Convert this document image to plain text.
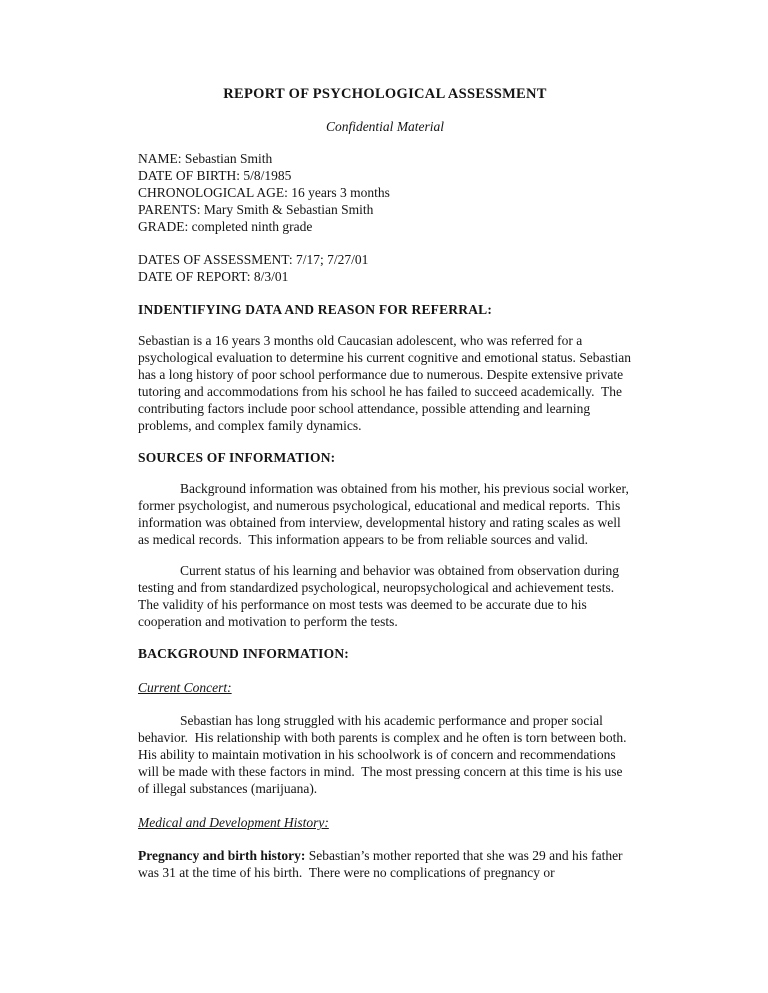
REPORT OF PSYCHOLOGICAL ASSESSMENT
Confidential Material
NAME: Sebastian Smith
DATE OF BIRTH: 5/8/1985
CHRONOLOGICAL AGE: 16 years 3 months
PARENTS: Mary Smith & Sebastian Smith
GRADE: completed ninth grade
DATES OF ASSESSMENT: 7/17; 7/27/01
DATE OF REPORT: 8/3/01
INDENTIFYING DATA AND REASON FOR REFERRAL:

Sebastian is a 16 years 3 months old Caucasian adolescent, who was referred for a psychological evaluation to determine his current cognitive and emotional status. Sebastian has a long history of poor school performance due to numerous. Despite extensive private tutoring and accommodations from his school he has failed to succeed academically.  The contributing factors include poor school attendance, possible attending and learning problems, and complex family dynamics.

SOURCES OF INFORMATION:

Background information was obtained from his mother, his previous social worker, former psychologist, and numerous psychological, educational and medical reports.  This information was obtained from interview, developmental history and rating scales as well as medical records.  This information appears to be from reliable sources and valid.

Current status of his learning and behavior was obtained from observation during testing and from standardized psychological, neuropsychological and achievement tests. The validity of his performance on most tests was deemed to be accurate due to his cooperation and motivation to perform the tests.

BACKGROUND INFORMATION:
Current Concert:

Sebastian has long struggled with his academic performance and proper social behavior.  His relationship with both parents is complex and he often is torn between both.  His ability to maintain motivation in his schoolwork is of concern and recommendations will be made with these factors in mind.  The most pressing concern at this time is his use of illegal substances (marijuana).

Medical and Development History:

Pregnancy and birth history: Sebastian’s mother reported that she was 29 and his father was 31 at the time of his birth.  There were no complications of pregnancy or
